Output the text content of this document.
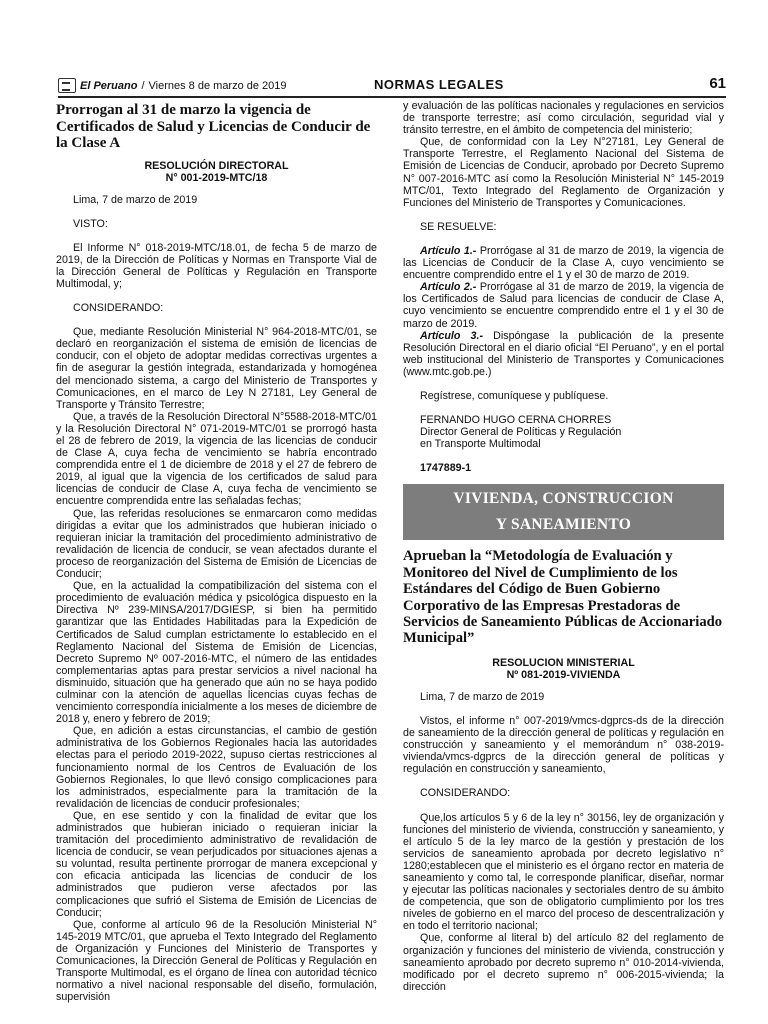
El Peruano / Viernes 8 de marzo de 2019	NORMAS LEGALES	61
Prorrogan al 31 de marzo la vigencia de Certificados de Salud y Licencias de Conducir de la Clase A
RESOLUCIÓN DIRECTORAL
N° 001-2019-MTC/18

Lima, 7 de marzo de 2019

VISTO:

El Informe N° 018-2019-MTC/18.01, de fecha 5 de marzo de 2019, de la Dirección de Políticas y Normas en Transporte Vial de la Dirección General de Políticas y Regulación en Transporte Multimodal, y;

CONSIDERANDO:

Que, mediante Resolución Ministerial N° 964-2018-MTC/01, se declaró en reorganización el sistema de emisión de licencias de conducir, con el objeto de adoptar medidas correctivas urgentes a fin de asegurar la gestión integrada, estandarizada y homogénea del mencionado sistema, a cargo del Ministerio de Transportes y Comunicaciones, en el marco de Ley N 27181, Ley General de Transporte y Tránsito Terrestre;

Que, a través de la Resolución Directoral N°5588-2018-MTC/01 y la Resolución Directoral N° 071-2019-MTC/01 se prorrogó hasta el 28 de febrero de 2019, la vigencia de las licencias de conducir de Clase A, cuya fecha de vencimiento se habría encontrado comprendida entre el 1 de diciembre de 2018 y el 27 de febrero de 2019, al igual que la vigencia de los certificados de salud para licencias de conducir de Clase A, cuya fecha de vencimiento se encuentre comprendida entre las señaladas fechas;

Que, las referidas resoluciones se enmarcaron como medidas dirigidas a evitar que los administrados que hubieran iniciado o requieran iniciar la tramitación del procedimiento administrativo de revalidación de licencia de conducir, se vean afectados durante el proceso de reorganización del Sistema de Emisión de Licencias de Conducir;

Que, en la actualidad la compatibilización del sistema con el procedimiento de evaluación médica y psicológica dispuesto en la Directiva Nº 239-MINSA/2017/DGIESP, si bien ha permitido garantizar que las Entidades Habilitadas para la Expedición de Certificados de Salud cumplan estrictamente lo establecido en el Reglamento Nacional del Sistema de Emisión de Licencias, Decreto Supremo Nº 007-2016-MTC, el número de las entidades complementarias aptas para prestar servicios a nivel nacional ha disminuido, situación que ha generado que aún no se haya podido culminar con la atención de aquellas licencias cuyas fechas de vencimiento correspondía inicialmente a los meses de diciembre de 2018 y, enero y febrero de 2019;

Que, en adición a estas circunstancias, el cambio de gestión administrativa de los Gobiernos Regionales hacia las autoridades electas para el periodo 2019-2022, supuso ciertas restricciones al funcionamiento normal de los Centros de Evaluación de los Gobiernos Regionales, lo que llevó consigo complicaciones para los administrados, especialmente para la tramitación de la revalidación de licencias de conducir profesionales;

Que, en ese sentido y con la finalidad de evitar que los administrados que hubieran iniciado o requieran iniciar la tramitación del procedimiento administrativo de revalidación de licencia de conducir, se vean perjudicados por situaciones ajenas a su voluntad, resulta pertinente prorrogar de manera excepcional y con eficacia anticipada las licencias de conducir de los administrados que pudieron verse afectados por las complicaciones que sufrió el Sistema de Emisión de Licencias de Conducir;

Que, conforme al artículo 96 de la Resolución Ministerial N° 145-2019 MTC/01, que aprueba el Texto Integrado del Reglamento de Organización y Funciones del Ministerio de Transportes y Comunicaciones, la Dirección General de Políticas y Regulación en Transporte Multimodal, es el órgano de línea con autoridad técnico normativo a nivel nacional responsable del diseño, formulación, supervisión

y evaluación de las políticas nacionales y regulaciones en servicios de transporte terrestre; así como circulación, seguridad vial y tránsito terrestre, en el ámbito de competencia del ministerio;

Que, de conformidad con la Ley N°27181, Ley General de Transporte Terrestre, el Reglamento Nacional del Sistema de Emisión de Licencias de Conducir, aprobado por Decreto Supremo N° 007-2016-MTC así como la Resolución Ministerial N° 145-2019 MTC/01, Texto Integrado del Reglamento de Organización y Funciones del Ministerio de Transportes y Comunicaciones.

SE RESUELVE:

Artículo 1.- Prorrógase al 31 de marzo de 2019, la vigencia de las Licencias de Conducir de la Clase A, cuyo vencimiento se encuentre comprendido entre el 1 y el 30 de marzo de 2019.

Artículo 2.- Prorrógase al 31 de marzo de 2019, la vigencia de los Certificados de Salud para licencias de conducir de Clase A, cuyo vencimiento se encuentre comprendido entre el 1 y el 30 de marzo de 2019.

Artículo 3.- Dispóngase la publicación de la presente Resolución Directoral en el diario oficial “El Peruano”, y en el portal web institucional del Ministerio de Transportes y Comunicaciones (www.mtc.gob.pe.)

Regístrese, comuníquese y publíquese.

FERNANDO HUGO CERNA CHORRES

Director General de Políticas y Regulación

en Transporte Multimodal

1747889-1

VIVIENDA, CONSTRUCCION
Y SANEAMIENTO
Aprueban la “Metodología de Evaluación y Monitoreo del Nivel de Cumplimiento de los Estándares del Código de Buen Gobierno Corporativo de las Empresas Prestadoras de Servicios de Saneamiento Públicas de Accionariado Municipal”
RESOLUCION MINISTERIAL
Nº 081-2019-VIVIENDA

Lima, 7 de marzo de 2019

Vistos, el informe n° 007-2019/vmcs-dgprcs-ds de la dirección de saneamiento de la dirección general de políticas y regulación en construcción y saneamiento y el memorándum n° 038-2019-vivienda/vmcs-dgprcs de la dirección general de políticas y regulación en construcción y saneamiento,

CONSIDERANDO:

Que,los artículos 5 y 6 de la ley n° 30156, ley de organización y funciones del ministerio de vivienda, construcción y saneamiento, y el artículo 5 de la ley marco de la gestión y prestación de los servicios de saneamiento aprobada por decreto legislativo n° 1280;establecen que el ministerio es el órgano rector en materia de saneamiento y como tal, le corresponde planificar, diseñar, normar y ejecutar las políticas nacionales y sectoriales dentro de su ámbito de competencia, que son de obligatorio cumplimiento por los tres niveles de gobierno en el marco del proceso de descentralización y en todo el territorio nacional;

Que, conforme al literal b) del artículo 82 del reglamento de organización y funciones del ministerio de vivienda, construcción y saneamiento aprobado por decreto supremo n° 010-2014-vivienda, modificado por el decreto supremo n° 006-2015-vivienda; la dirección
